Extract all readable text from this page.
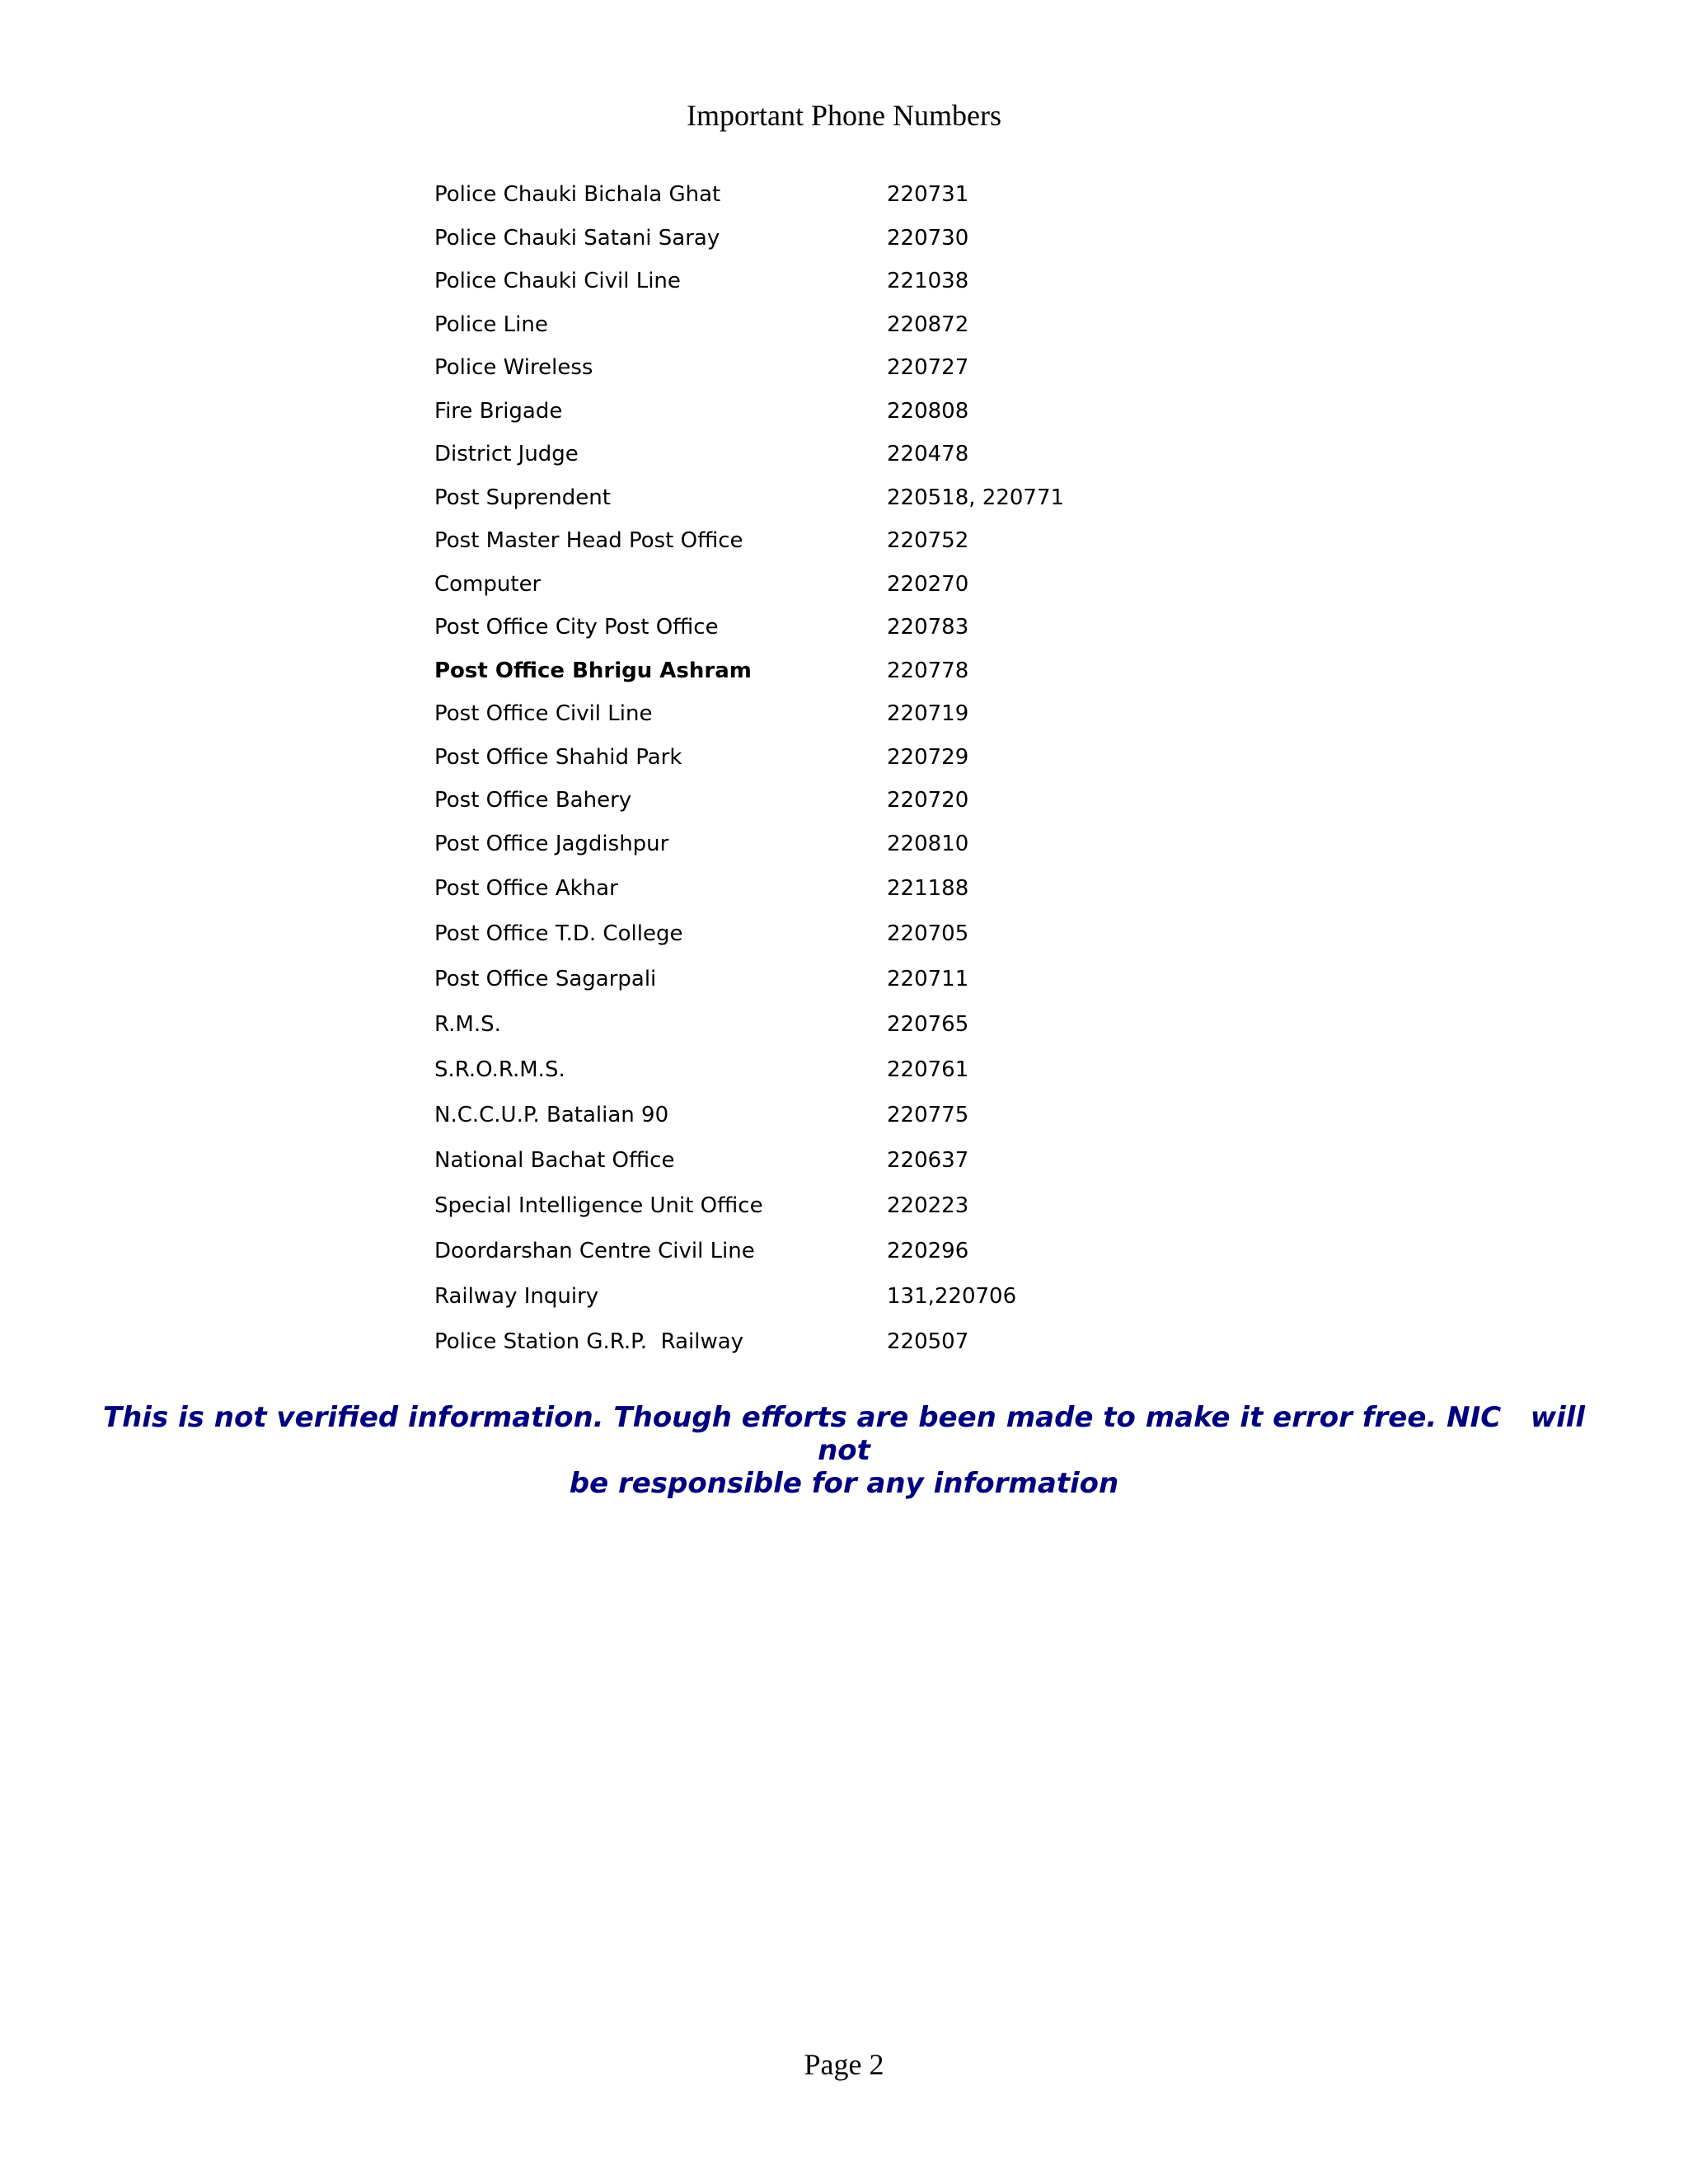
Important Phone Numbers
Police Chauki Bichala Ghat	220731
Police Chauki Satani Saray	220730
Police Chauki Civil Line	221038
Police Line	220872
Police Wireless	220727
Fire Brigade	220808
District Judge	220478
Post Suprendent	220518, 220771
Post Master Head Post Office	220752
Computer	220270
Post Office City Post Office	220783
Post Office Bhrigu Ashram	220778
Post Office Civil Line	220719
Post Office Shahid Park	220729
Post Office Bahery	220720
Post Office Jagdishpur	220810
Post Office Akhar	221188
Post Office T.D. College	220705
Post Office Sagarpali	220711
R.M.S.	220765
S.R.O.R.M.S.	220761
N.C.C.U.P. Batalian 90	220775
National Bachat Office	220637
Special Intelligence Unit Office	220223
Doordarshan Centre Civil Line	220296
Railway Inquiry	131,220706
Police Station G.R.P.  Railway	220507
This is not verified information. Though efforts are been made to make it error free. NIC   will not
be responsible for any information
Page 2
